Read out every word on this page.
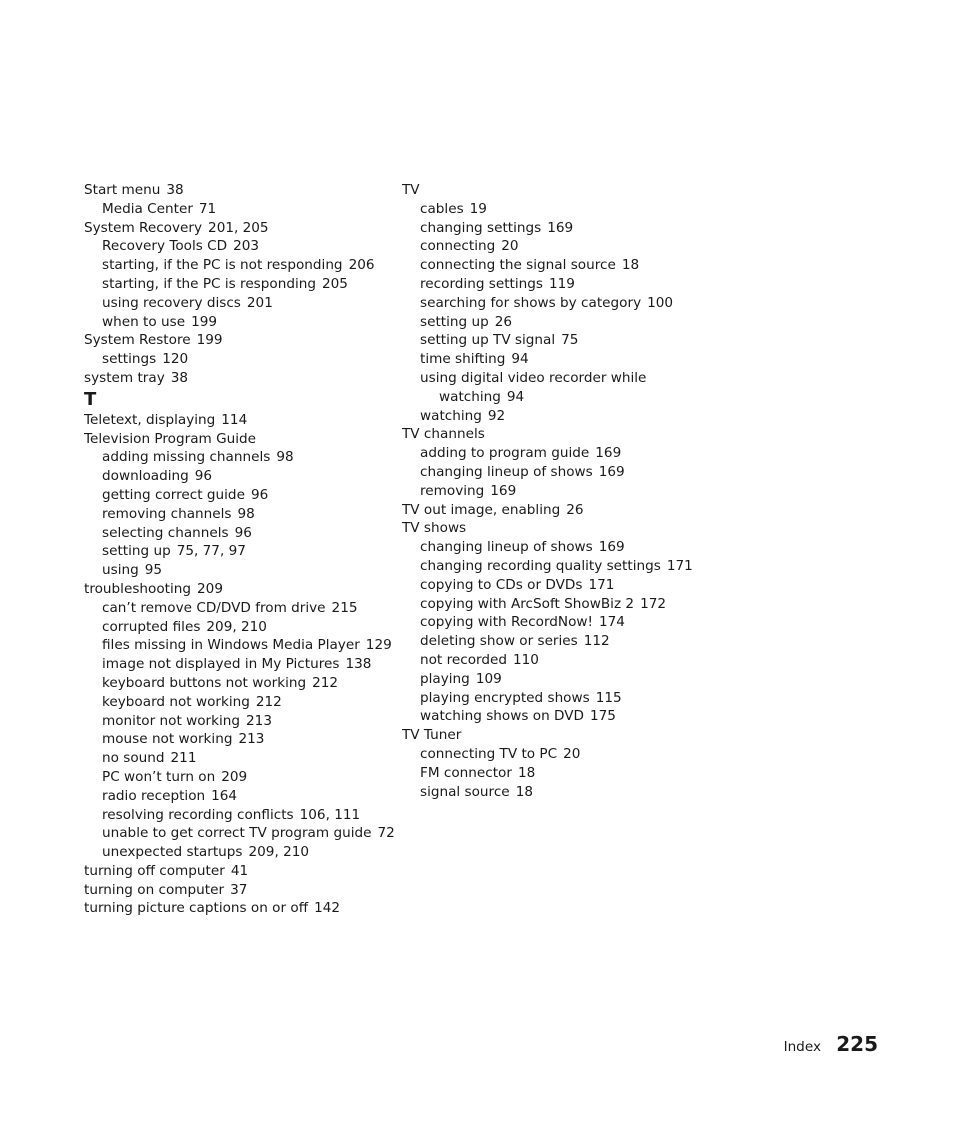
Start menu 38
Media Center 71
System Recovery 201, 205
Recovery Tools CD 203
starting, if the PC is not responding 206
starting, if the PC is responding 205
using recovery discs 201
when to use 199
System Restore 199
settings 120
system tray 38
T
Teletext, displaying 114
Television Program Guide
adding missing channels 98
downloading 96
getting correct guide 96
removing channels 98
selecting channels 96
setting up 75, 77, 97
using 95
troubleshooting 209
can’t remove CD/DVD from drive 215
corrupted files 209, 210
files missing in Windows Media Player 129
image not displayed in My Pictures 138
keyboard buttons not working 212
keyboard not working 212
monitor not working 213
mouse not working 213
no sound 211
PC won’t turn on 209
radio reception 164
resolving recording conflicts 106, 111
unable to get correct TV program guide 72
unexpected startups 209, 210
turning off computer 41
turning on computer 37
turning picture captions on or off 142
TV
cables 19
changing settings 169
connecting 20
connecting the signal source 18
recording settings 119
searching for shows by category 100
setting up 26
setting up TV signal 75
time shifting 94
using digital video recorder while
watching 94
watching 92
TV channels
adding to program guide 169
changing lineup of shows 169
removing 169
TV out image, enabling 26
TV shows
changing lineup of shows 169
changing recording quality settings 171
copying to CDs or DVDs 171
copying with ArcSoft ShowBiz 2 172
copying with RecordNow! 174
deleting show or series 112
not recorded 110
playing 109
playing encrypted shows 115
watching shows on DVD 175
TV Tuner
connecting TV to PC 20
FM connector 18
signal source 18
Index 225
